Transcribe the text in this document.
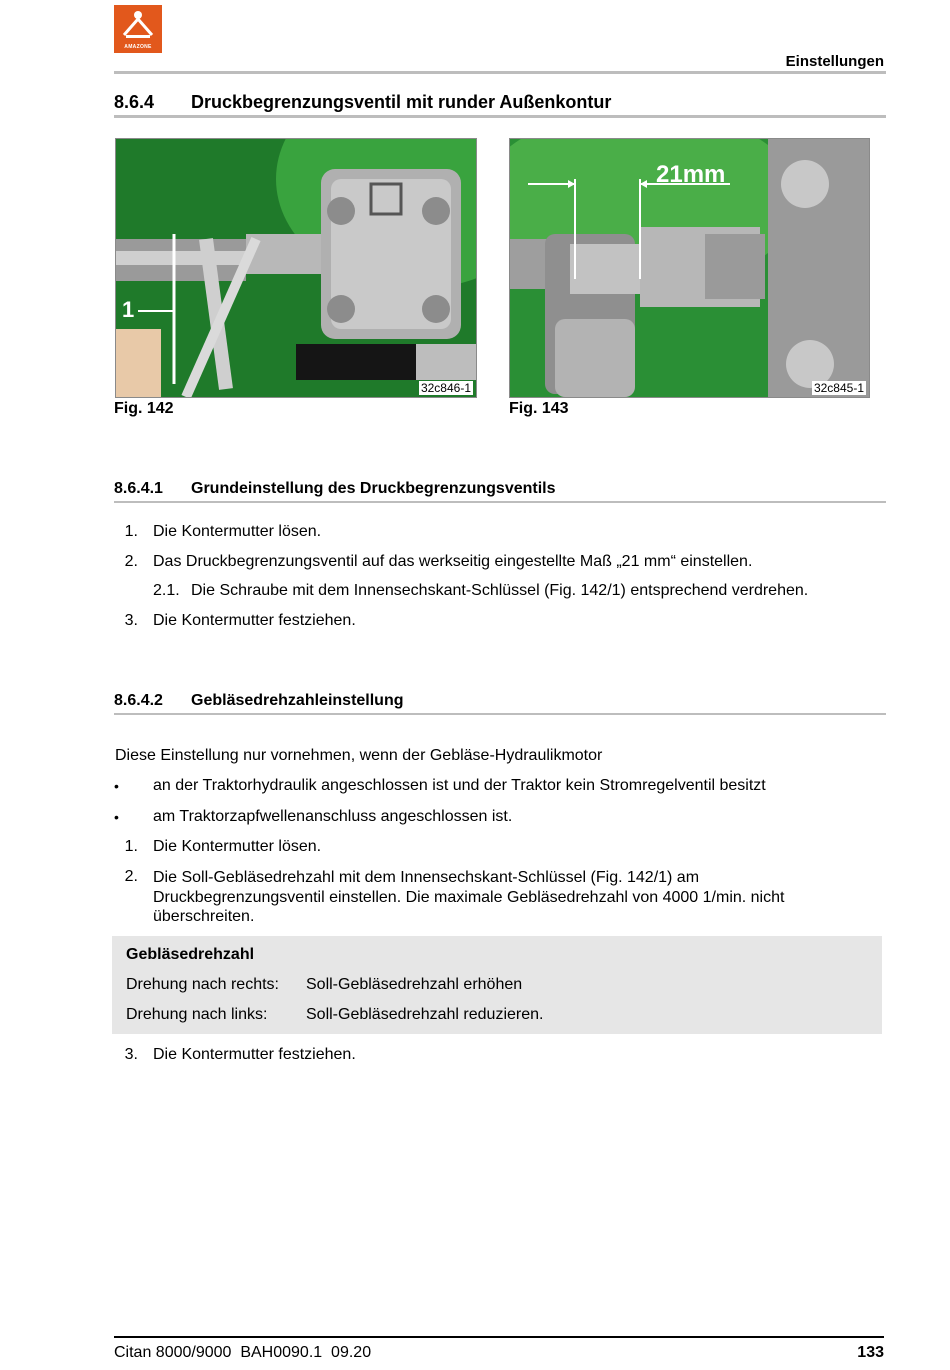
AMAZONE
Einstellungen
8.6.4 Druckbegrenzungsventil mit runder Außenkontur
1
32c846-1
Fig. 142
21mm
32c845-1
Fig. 143
8.6.4.1 Grundeinstellung des Druckbegrenzungsventils
1. Die Kontermutter lösen.
2. Das Druckbegrenzungsventil auf das werkseitig eingestellte Maß „21 mm“ einstellen.
2.1. Die Schraube mit dem Innensechskant-Schlüssel (Fig. 142/1) entsprechend verdrehen.
3. Die Kontermutter festziehen.
8.6.4.2 Gebläsedrehzahleinstellung
Diese Einstellung nur vornehmen, wenn der Gebläse-Hydraulikmotor
• an der Traktorhydraulik angeschlossen ist und der Traktor kein Stromregelventil besitzt
• am Traktorzapfwellenanschluss angeschlossen ist.
1. Die Kontermutter lösen.
2. Die Soll-Gebläsedrehzahl mit dem Innensechskant-Schlüssel (Fig. 142/1) am Druckbegrenzungsventil einstellen. Die maximale Gebläsedrehzahl von 4000 1/min. nicht überschreiten.
Gebläsedrehzahl
Drehung nach rechts: Soll-Gebläsedrehzahl erhöhen
Drehung nach links: Soll-Gebläsedrehzahl reduzieren.
3. Die Kontermutter festziehen.
Citan 8000/9000  BAH0090.1  09.20	133
